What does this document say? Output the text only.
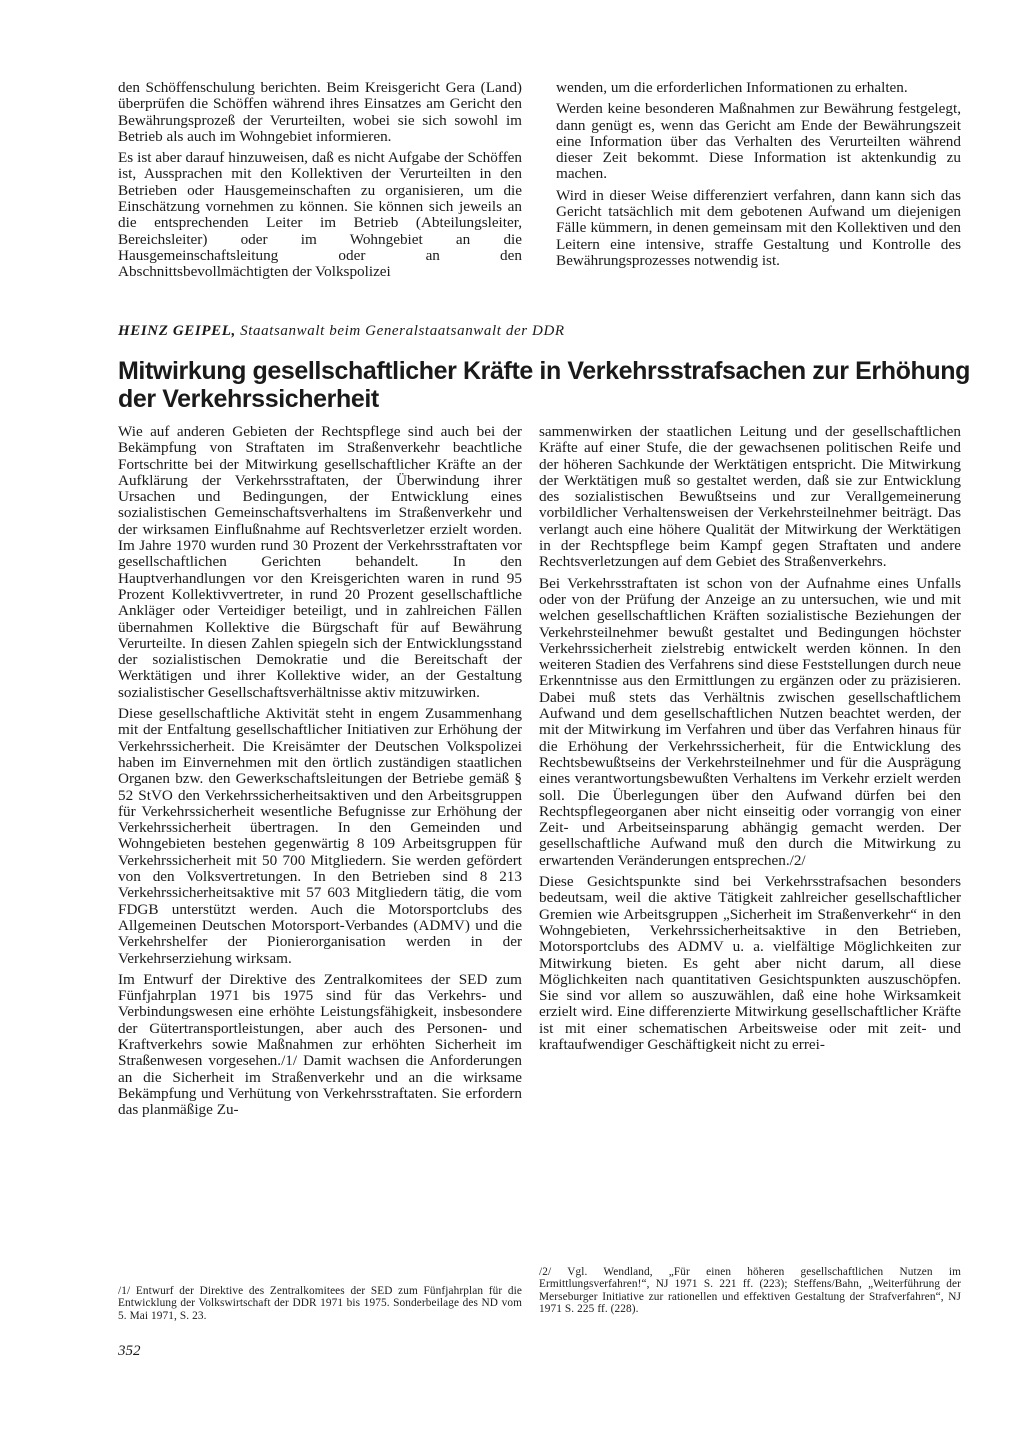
den Schöffenschulung berichten. Beim Kreisgericht Gera (Land) überprüfen die Schöffen während ihres Einsatzes am Gericht den Bewährungsprozeß der Verurteilten, wobei sie sich sowohl im Betrieb als auch im Wohngebiet informieren.

Es ist aber darauf hinzuweisen, daß es nicht Aufgabe der Schöffen ist, Aussprachen mit den Kollektiven der Verurteilten in den Betrieben oder Hausgemeinschaften zu organisieren, um die Einschätzung vornehmen zu können. Sie können sich jeweils an die entsprechenden Leiter im Betrieb (Abteilungsleiter, Bereichsleiter) oder im Wohngebiet an die Hausgemeinschaftsleitung oder an den Abschnittsbevollmächtigten der Volkspolizei

wenden, um die erforderlichen Informationen zu erhalten.

Werden keine besonderen Maßnahmen zur Bewährung festgelegt, dann genügt es, wenn das Gericht am Ende der Bewährungszeit eine Information über das Verhalten des Verurteilten während dieser Zeit bekommt. Diese Information ist aktenkundig zu machen.

Wird in dieser Weise differenziert verfahren, dann kann sich das Gericht tatsächlich mit dem gebotenen Aufwand um diejenigen Fälle kümmern, in denen gemeinsam mit den Kollektiven und den Leitern eine intensive, straffe Gestaltung und Kontrolle des Bewährungsprozesses notwendig ist.

HEINZ GEIPEL, Staatsanwalt beim Generalstaatsanwalt der DDR
Mitwirkung gesellschaftlicher Kräfte in Verkehrsstrafsachen zur Erhöhung der Verkehrssicherheit

Wie auf anderen Gebieten der Rechtspflege sind auch bei der Bekämpfung von Straftaten im Straßenverkehr beachtliche Fortschritte bei der Mitwirkung gesellschaftlicher Kräfte an der Aufklärung der Verkehrsstraftaten, der Überwindung ihrer Ursachen und Bedingungen, der Entwicklung eines sozialistischen Gemeinschaftsverhaltens im Straßenverkehr und der wirksamen Einflußnahme auf Rechtsverletzer erzielt worden. Im Jahre 1970 wurden rund 30 Prozent der Verkehrsstraftaten vor gesellschaftlichen Gerichten behandelt. In den Hauptverhandlungen vor den Kreisgerichten waren in rund 95 Prozent Kollektivvertreter, in rund 20 Prozent gesellschaftliche Ankläger oder Verteidiger beteiligt, und in zahlreichen Fällen übernahmen Kollektive die Bürgschaft für auf Bewährung Verurteilte. In diesen Zahlen spiegeln sich der Entwicklungsstand der sozialistischen Demokratie und die Bereitschaft der Werktätigen und ihrer Kollektive wider, an der Gestaltung sozialistischer Gesellschaftsverhältnisse aktiv mitzuwirken.

Diese gesellschaftliche Aktivität steht in engem Zusammenhang mit der Entfaltung gesellschaftlicher Initiativen zur Erhöhung der Verkehrssicherheit. Die Kreisämter der Deutschen Volkspolizei haben im Einvernehmen mit den örtlich zuständigen staatlichen Organen bzw. den Gewerkschaftsleitungen der Betriebe gemäß § 52 StVO den Verkehrssicherheitsaktiven und den Arbeitsgruppen für Verkehrssicherheit wesentliche Befugnisse zur Erhöhung der Verkehrssicherheit übertragen. In den Gemeinden und Wohngebieten bestehen gegenwärtig 8 109 Arbeitsgruppen für Verkehrssicherheit mit 50 700 Mitgliedern. Sie werden gefördert von den Volksvertretungen. In den Betrieben sind 8 213 Verkehrssicherheitsaktive mit 57 603 Mitgliedern tätig, die vom FDGB unterstützt werden. Auch die Motorsportclubs des Allgemeinen Deutschen Motorsport-Verbandes (ADMV) und die Verkehrshelfer der Pionierorganisation werden in der Verkehrserziehung wirksam.

Im Entwurf der Direktive des Zentralkomitees der SED zum Fünfjahrplan 1971 bis 1975 sind für das Verkehrs- und Verbindungswesen eine erhöhte Leistungsfähigkeit, insbesondere der Gütertransportleistungen, aber auch des Personen- und Kraftverkehrs sowie Maßnahmen zur erhöhten Sicherheit im Straßenwesen vorgesehen./1/ Damit wachsen die Anforderungen an die Sicherheit im Straßenverkehr und an die wirksame Bekämpfung und Verhütung von Verkehrsstraftaten. Sie erfordern das planmäßige Zu-

sammenwirken der staatlichen Leitung und der gesellschaftlichen Kräfte auf einer Stufe, die der gewachsenen politischen Reife und der höheren Sachkunde der Werktätigen entspricht. Die Mitwirkung der Werktätigen muß so gestaltet werden, daß sie zur Entwicklung des sozialistischen Bewußtseins und zur Verallgemeinerung vorbildlicher Verhaltensweisen der Verkehrsteilnehmer beiträgt. Das verlangt auch eine höhere Qualität der Mitwirkung der Werktätigen in der Rechtspflege beim Kampf gegen Straftaten und andere Rechtsverletzungen auf dem Gebiet des Straßenverkehrs.

Bei Verkehrsstraftaten ist schon von der Aufnahme eines Unfalls oder von der Prüfung der Anzeige an zu untersuchen, wie und mit welchen gesellschaftlichen Kräften sozialistische Beziehungen der Verkehrsteilnehmer bewußt gestaltet und Bedingungen höchster Verkehrssicherheit zielstrebig entwickelt werden können. In den weiteren Stadien des Verfahrens sind diese Feststellungen durch neue Erkenntnisse aus den Ermittlungen zu ergänzen oder zu präzisieren. Dabei muß stets das Verhältnis zwischen gesellschaftlichem Aufwand und dem gesellschaftlichen Nutzen beachtet werden, der mit der Mitwirkung im Verfahren und über das Verfahren hinaus für die Erhöhung der Verkehrssicherheit, für die Entwicklung des Rechtsbewußtseins der Verkehrsteilnehmer und für die Ausprägung eines verantwortungsbewußten Verhaltens im Verkehr erzielt werden soll. Die Überlegungen über den Aufwand dürfen bei den Rechtspflegeorganen aber nicht einseitig oder vorrangig von einer Zeit- und Arbeitseinsparung abhängig gemacht werden. Der gesellschaftliche Aufwand muß den durch die Mitwirkung zu erwartenden Veränderungen entsprechen./2/

Diese Gesichtspunkte sind bei Verkehrsstrafsachen besonders bedeutsam, weil die aktive Tätigkeit zahlreicher gesellschaftlicher Gremien wie Arbeitsgruppen „Sicherheit im Straßenverkehr“ in den Wohngebieten, Verkehrssicherheitsaktive in den Betrieben, Motorsportclubs des ADMV u. a. vielfältige Möglichkeiten zur Mitwirkung bieten. Es geht aber nicht darum, all diese Möglichkeiten nach quantitativen Gesichtspunkten auszuschöpfen. Sie sind vor allem so auszuwählen, daß eine hohe Wirksamkeit erzielt wird. Eine differenzierte Mitwirkung gesellschaftlicher Kräfte ist mit einer schematischen Arbeitsweise oder mit zeit- und kraftaufwendiger Geschäftigkeit nicht zu errei-

/1/ Entwurf der Direktive des Zentralkomitees der SED zum Fünfjahrplan für die Entwicklung der Volkswirtschaft der DDR 1971 bis 1975. Sonderbeilage des ND vom 5. Mai 1971, S. 23.

/2/ Vgl. Wendland, „Für einen höheren gesellschaftlichen Nutzen im Ermittlungsverfahren!“, NJ 1971 S. 221 ff. (223); Steffens/Bahn, „Weiterführung der Merseburger Initiative zur rationellen und effektiven Gestaltung der Strafverfahren“, NJ 1971 S. 225 ff. (228).

352
